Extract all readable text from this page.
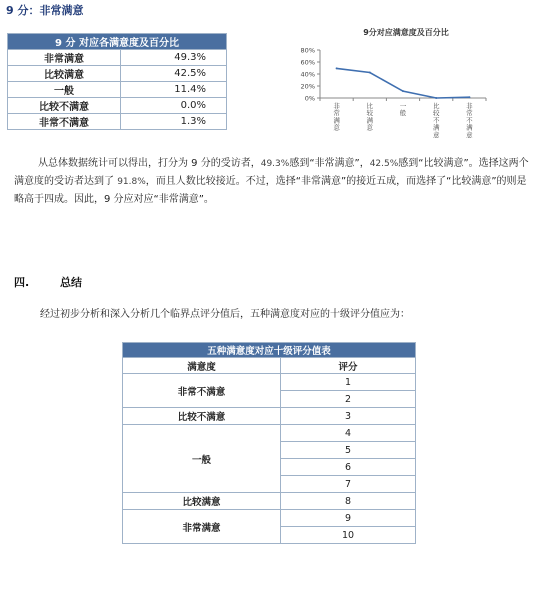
9 分：非常满意
9 分 对应各满意度及百分比	
非常满意	49.3%
比较满意	42.5%
一般	11.4%
比较不满意	0.0%
非常不满意	1.3%
9分对应满意度及百分比
0%
20%
40%
60%
80%
非
常
满
意
比
较
满
意
一
般
比
较
不
满
意
非
常
不
满
意
从总体数据统计可以得出，打分为 9 分的受访者，49.3%感到“非常满意”，42.5%感到“比较满意”。选择这两个满意度的受访者达到了 91.8%，而且人数比较接近。不过，选择“非常满意”的接近五成，而选择了“比较满意”的则是略高于四成。因此，9 分应对应“非常满意”。
四.	总结
经过初步分析和深入分析几个临界点评分值后，五种满意度对应的十级评分值应为：
五种满意度对应十级评分值表	
满意度	评分
非常不满意	1
	2
比较不满意	3
一般	4
	5
	6
	7
比较满意	8
非常满意	9
	10
